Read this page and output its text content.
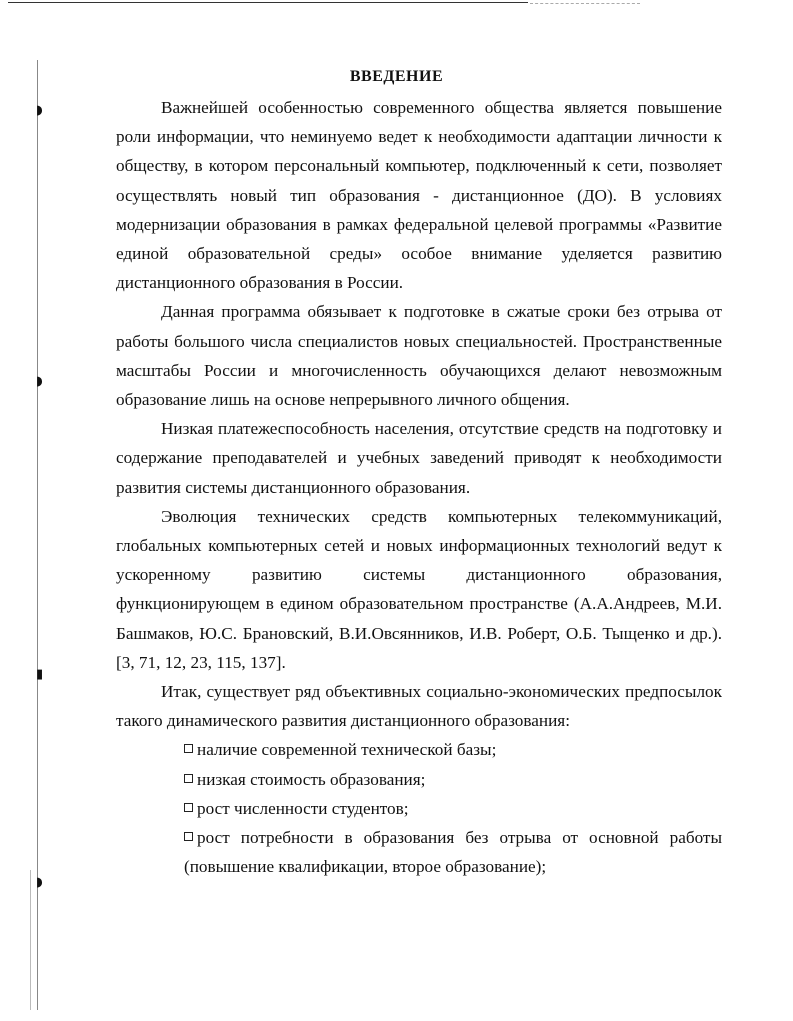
◗
◗
▮
◗
ВВЕДЕНИЕ

Важнейшей особенностью современного общества является повышение роли информации, что неминуемо ведет к необходимости адаптации личности к обществу, в котором персональный компьютер, подключенный к сети, позволяет осуществлять новый тип образования - дистанционное (ДО). В условиях модернизации образования в рамках федеральной целевой программы «Развитие единой образовательной среды» особое внимание уделяется развитию дистанционного образования в России.

Данная программа обязывает к подготовке в сжатые сроки без отрыва от работы большого числа специалистов новых специальностей. Пространственные масштабы России и многочисленность обучающихся делают невозможным образование лишь на основе непрерывного личного общения.

Низкая платежеспособность населения, отсутствие средств на подготовку и содержание преподавателей и учебных заведений приводят к необходимости развития системы дистанционного образования.

Эволюция технических средств компьютерных телекоммуникаций, глобальных компьютерных сетей и новых информационных технологий ведут к ускоренному развитию системы дистанционного образования, функционирующем в едином образовательном пространстве (А.А.Андреев, М.И. Башмаков, Ю.С. Брановский, В.И.Овсянников, И.В. Роберт, О.Б. Тыщенко и др.).[3, 71, 12, 23, 115, 137].

Итак, существует ряд объективных социально-экономических предпосылок такого динамического развития дистанционного образования:

наличие современной технической базы;
низкая стоимость образования;
рост численности студентов;
рост потребности в образования без отрыва от основной работы (повышение квалификации, второе образование);
